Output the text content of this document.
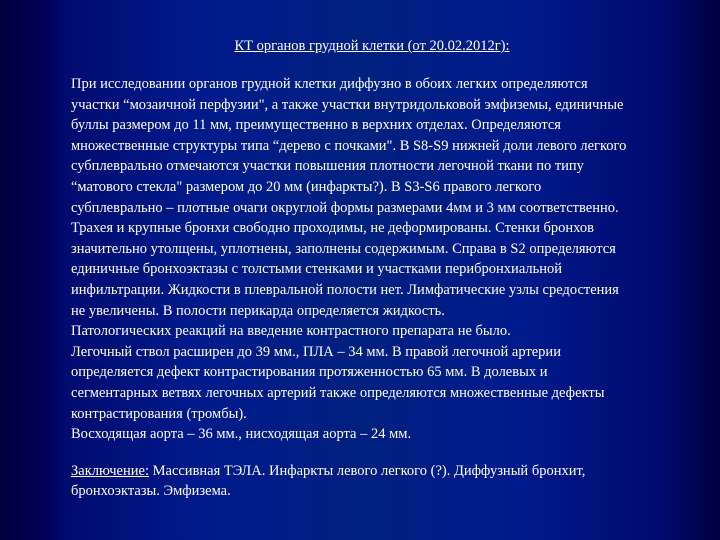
КТ органов грудной клетки (от 20.02.2012г):

При исследовании органов грудной клетки диффузно в обоих легких определяются
участки “мозаичной перфузии", а также участки внутридольковой эмфиземы, единичные
буллы размером до 11 мм, преимущественно в верхних отделах. Определяются
множественные структуры типа “дерево с почками". В S8-S9 нижней доли левого легкого
субплеврально отмечаются участки повышения плотности легочной ткани по типу
“матового стекла" размером до 20 мм (инфаркты?). В S3-S6 правого легкого
субплеврально – плотные очаги округлой формы размерами 4мм и 3 мм соответственно.
Трахея и крупные бронхи свободно проходимы, не деформированы. Стенки бронхов
значительно утолщены, уплотнены, заполнены содержимым. Справа в S2 определяются
единичные бронхоэктазы с толстыми стенками и участками перибронхиальной
инфильтрации. Жидкости в плевральной полости нет. Лимфатические узлы средостения
не увеличены. В полости перикарда определяется жидкость.
Патологических реакций на введение контрастного препарата не было.
Легочный ствол расширен до 39 мм., ПЛА – 34 мм. В правой легочной артерии
определяется дефект контрастирования протяженностью 65 мм. В долевых и
сегментарных ветвях легочных артерий также определяются множественные дефекты
контрастирования (тромбы).
Восходящая аорта – 36 мм., нисходящая аорта – 24 мм.

Заключение: Массивная ТЭЛА. Инфаркты левого легкого (?). Диффузный бронхит,
бронхоэктазы. Эмфизема.
